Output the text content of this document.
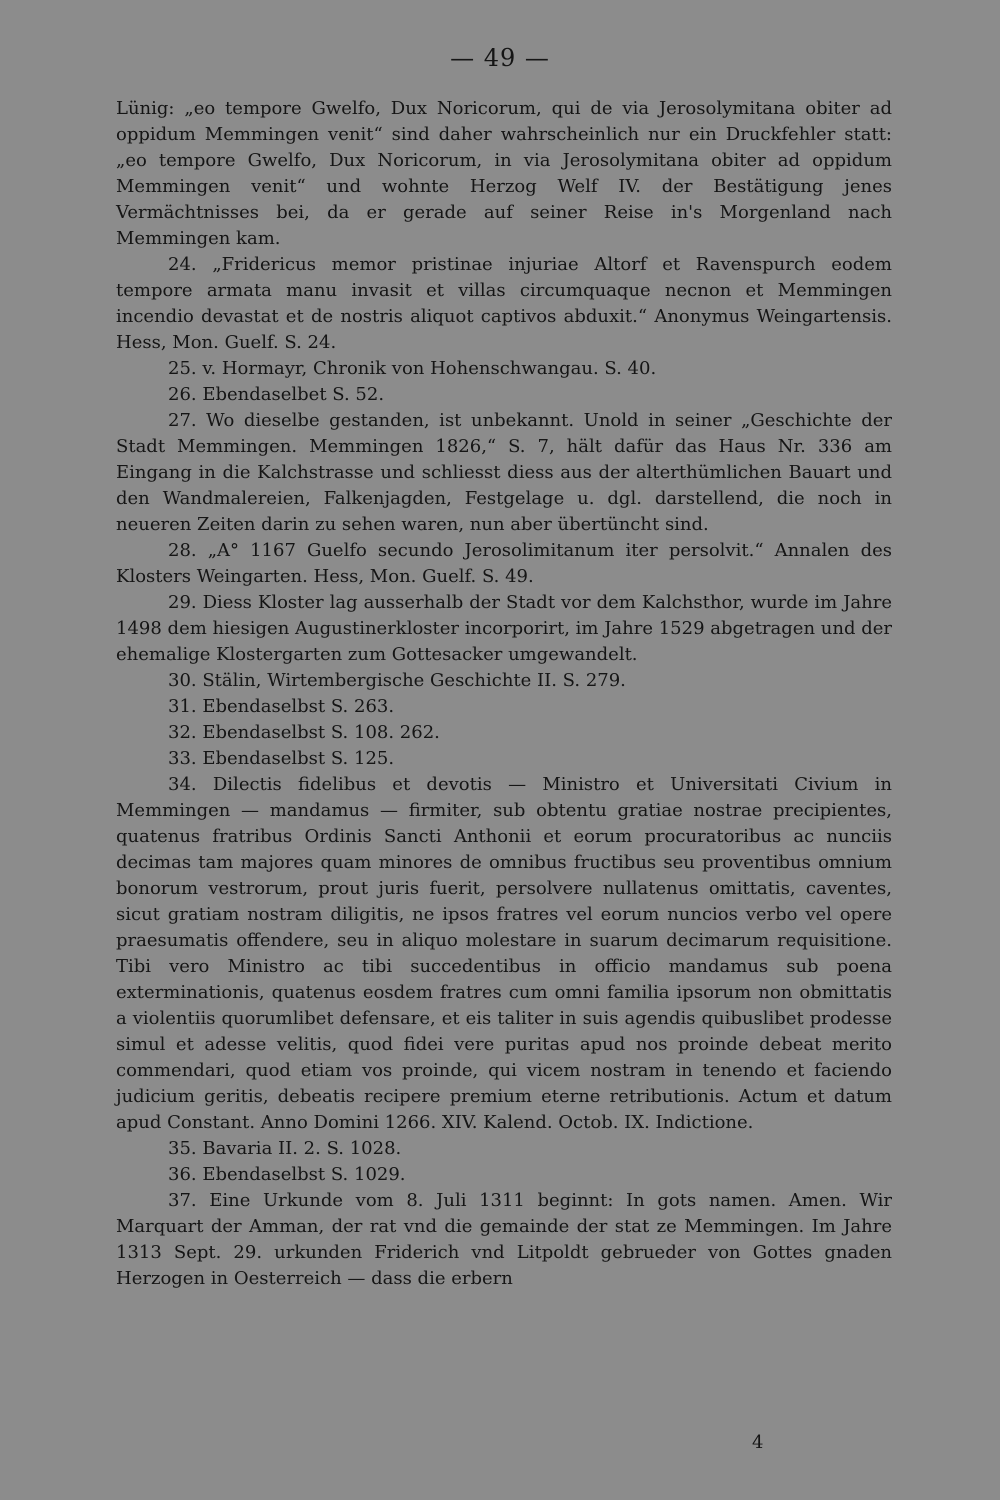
— 49 —

Lünig: „eo tempore Gwelfo, Dux Noricorum, qui de via Jerosolymitana obiter ad oppidum Memmingen venit“ sind daher wahrscheinlich nur ein Druckfehler statt: „eo tempore Gwelfo, Dux Noricorum, in via Jerosolymitana obiter ad oppidum Memmingen venit“ und wohnte Herzog Welf IV. der Bestätigung jenes Vermächtnisses bei, da er gerade auf seiner Reise in's Morgenland nach Memmingen kam.

24. „Fridericus memor pristinae injuriae Altorf et Ravenspurch eodem tempore armata manu invasit et villas circumquaque necnon et Memmingen incendio devastat et de nostris aliquot captivos abduxit.“ Anonymus Weingartensis. Hess, Mon. Guelf. S. 24.

25. v. Hormayr, Chronik von Hohenschwangau. S. 40.

26. Ebendaselbet S. 52.

27. Wo dieselbe gestanden, ist unbekannt. Unold in seiner „Geschichte der Stadt Memmingen. Memmingen 1826,“ S. 7, hält dafür das Haus Nr. 336 am Eingang in die Kalchstrasse und schliesst diess aus der alterthümlichen Bauart und den Wandmalereien, Falkenjagden, Festgelage u. dgl. darstellend, die noch in neueren Zeiten darin zu sehen waren, nun aber übertüncht sind.

28. „A° 1167 Guelfo secundo Jerosolimitanum iter persolvit.“ Annalen des Klosters Weingarten. Hess, Mon. Guelf. S. 49.

29. Diess Kloster lag ausserhalb der Stadt vor dem Kalchsthor, wurde im Jahre 1498 dem hiesigen Augustinerkloster incorporirt, im Jahre 1529 abgetragen und der ehemalige Klostergarten zum Gottesacker umgewandelt.

30. Stälin, Wirtembergische Geschichte II. S. 279.

31. Ebendaselbst S. 263.

32. Ebendaselbst S. 108. 262.

33. Ebendaselbst S. 125.

34. Dilectis fidelibus et devotis — Ministro et Universitati Civium in Memmingen — mandamus — firmiter, sub obtentu gratiae nostrae precipientes, quatenus fratribus Ordinis Sancti Anthonii et eorum procuratoribus ac nunciis decimas tam majores quam minores de omnibus fructibus seu proventibus omnium bonorum vestrorum, prout juris fuerit, persolvere nullatenus omittatis, caventes, sicut gratiam nostram diligitis, ne ipsos fratres vel eorum nuncios verbo vel opere praesumatis offendere, seu in aliquo molestare in suarum decimarum requisitione. Tibi vero Ministro ac tibi succedentibus in officio mandamus sub poena exterminationis, quatenus eosdem fratres cum omni familia ipsorum non obmittatis a violentiis quorumlibet defensare, et eis taliter in suis agendis quibuslibet prodesse simul et adesse velitis, quod fidei vere puritas apud nos proinde debeat merito commendari, quod etiam vos proinde, qui vicem nostram in tenendo et faciendo judicium geritis, debeatis recipere premium eterne retributionis. Actum et datum apud Constant. Anno Domini 1266. XIV. Kalend. Octob. IX. Indictione.

35. Bavaria II. 2. S. 1028.

36. Ebendaselbst S. 1029.

37. Eine Urkunde vom 8. Juli 1311 beginnt: In gots namen. Amen. Wir Marquart der Amman, der rat vnd die gemainde der stat ze Memmingen. Im Jahre 1313 Sept. 29. urkunden Friderich vnd Litpoldt gebrueder von Gottes gnaden Herzogen in Oesterreich — dass die erbern

4
